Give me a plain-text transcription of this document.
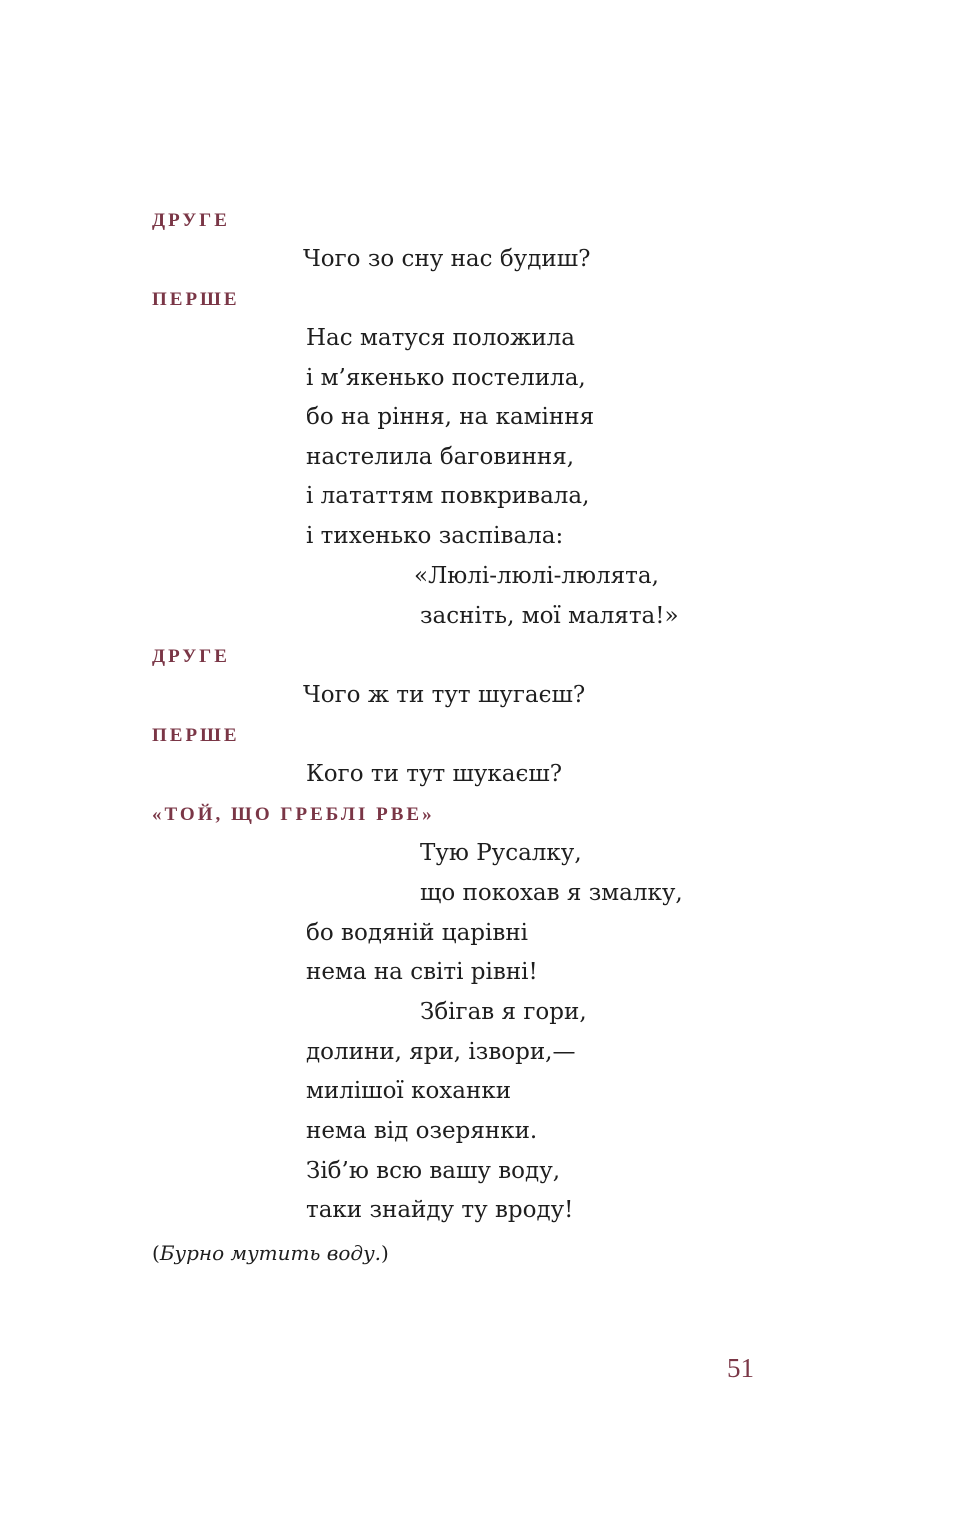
ДРУГЕ
Чого зо сну нас будиш?
ПЕРШЕ
Нас матуся положила
і м’якенько постелила,
бо на рiння, на камiння
настелила баговиння,
і лататтям повкривала,
і тихенько заспівала:
«Люлі-люлі-люлята,
засніть, мої малята!»
ДРУГЕ
Чого ж ти тут шугаєш?
ПЕРШЕ
Кого ти тут шукаєш?
«ТОЙ, ЩО ГРЕБЛІ РВЕ»
Тую Русалку,
що покохав я змалку,
бо водяній царівні
нема на світі рівні!
Збігав я гори,
долини, яри, ізвори,—
милішої коханки
нема від озерянки.
Зіб’ю всю вашу воду,
таки знайду ту вроду!
(Бурно мутить воду.)
51
